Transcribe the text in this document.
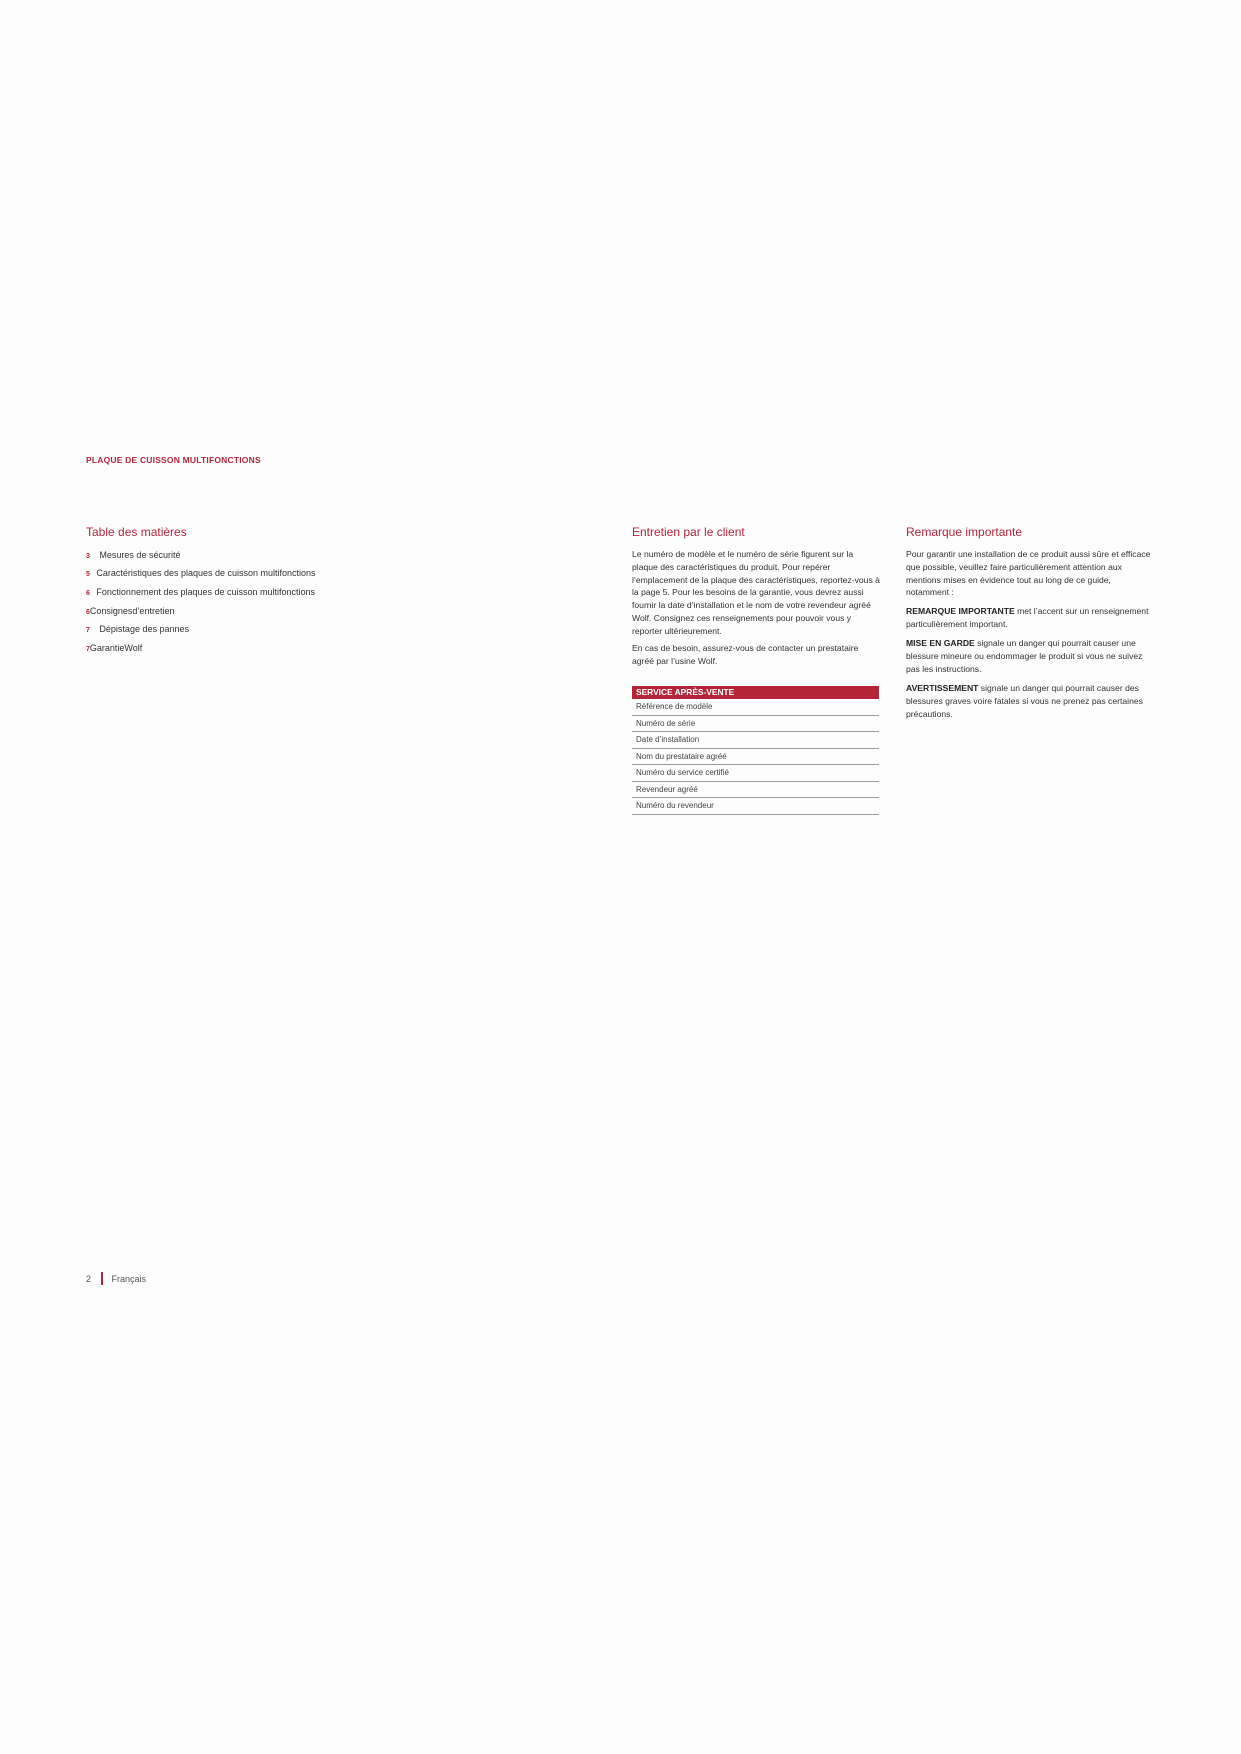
PLAQUE DE CUISSON MULTIFONCTIONS
Table des matières
3 Mesures de sécurité
5 Caractéristiques des plaques de cuisson multifonctions
6 Fonctionnement des plaques de cuisson multifonctions
6Consignesd’entretien
7 Dépistage des pannes
7GarantieWolf
Entretien par le client

Le numéro de modèle et le numéro de série figurent sur la plaque des caractéristiques du produit. Pour repérer l’emplacement de la plaque des caractéristiques, reportez-vous à la page 5. Pour les besoins de la garantie, vous devrez aussi fournir la date d’installation et le nom de votre revendeur agréé Wolf. Consignez ces renseignements pour pouvoir vous y reporter ultérieurement.

En cas de besoin, assurez-vous de contacter un prestataire agréé par l’usine Wolf.

SERVICE APRÈS-VENTE
Référence de modèle
Numéro de série
Date d’installation
Nom du prestataire agréé
Numéro du service certifié
Revendeur agréé
Numéro du revendeur
Remarque importante

Pour garantir une installation de ce produit aussi sûre et efficace que possible, veuillez faire particulièrement attention aux mentions mises en évidence tout au long de ce guide, notamment :

REMARQUE IMPORTANTE met l’accent sur un renseignement particulièrement important.

MISE EN GARDE signale un danger qui pourrait causer une blessure mineure ou endommager le produit si vous ne suivez pas les instructions.

AVERTISSEMENT signale un danger qui pourrait causer des blessures graves voire fatales si vous ne prenez pas certaines précautions.

2 Français
